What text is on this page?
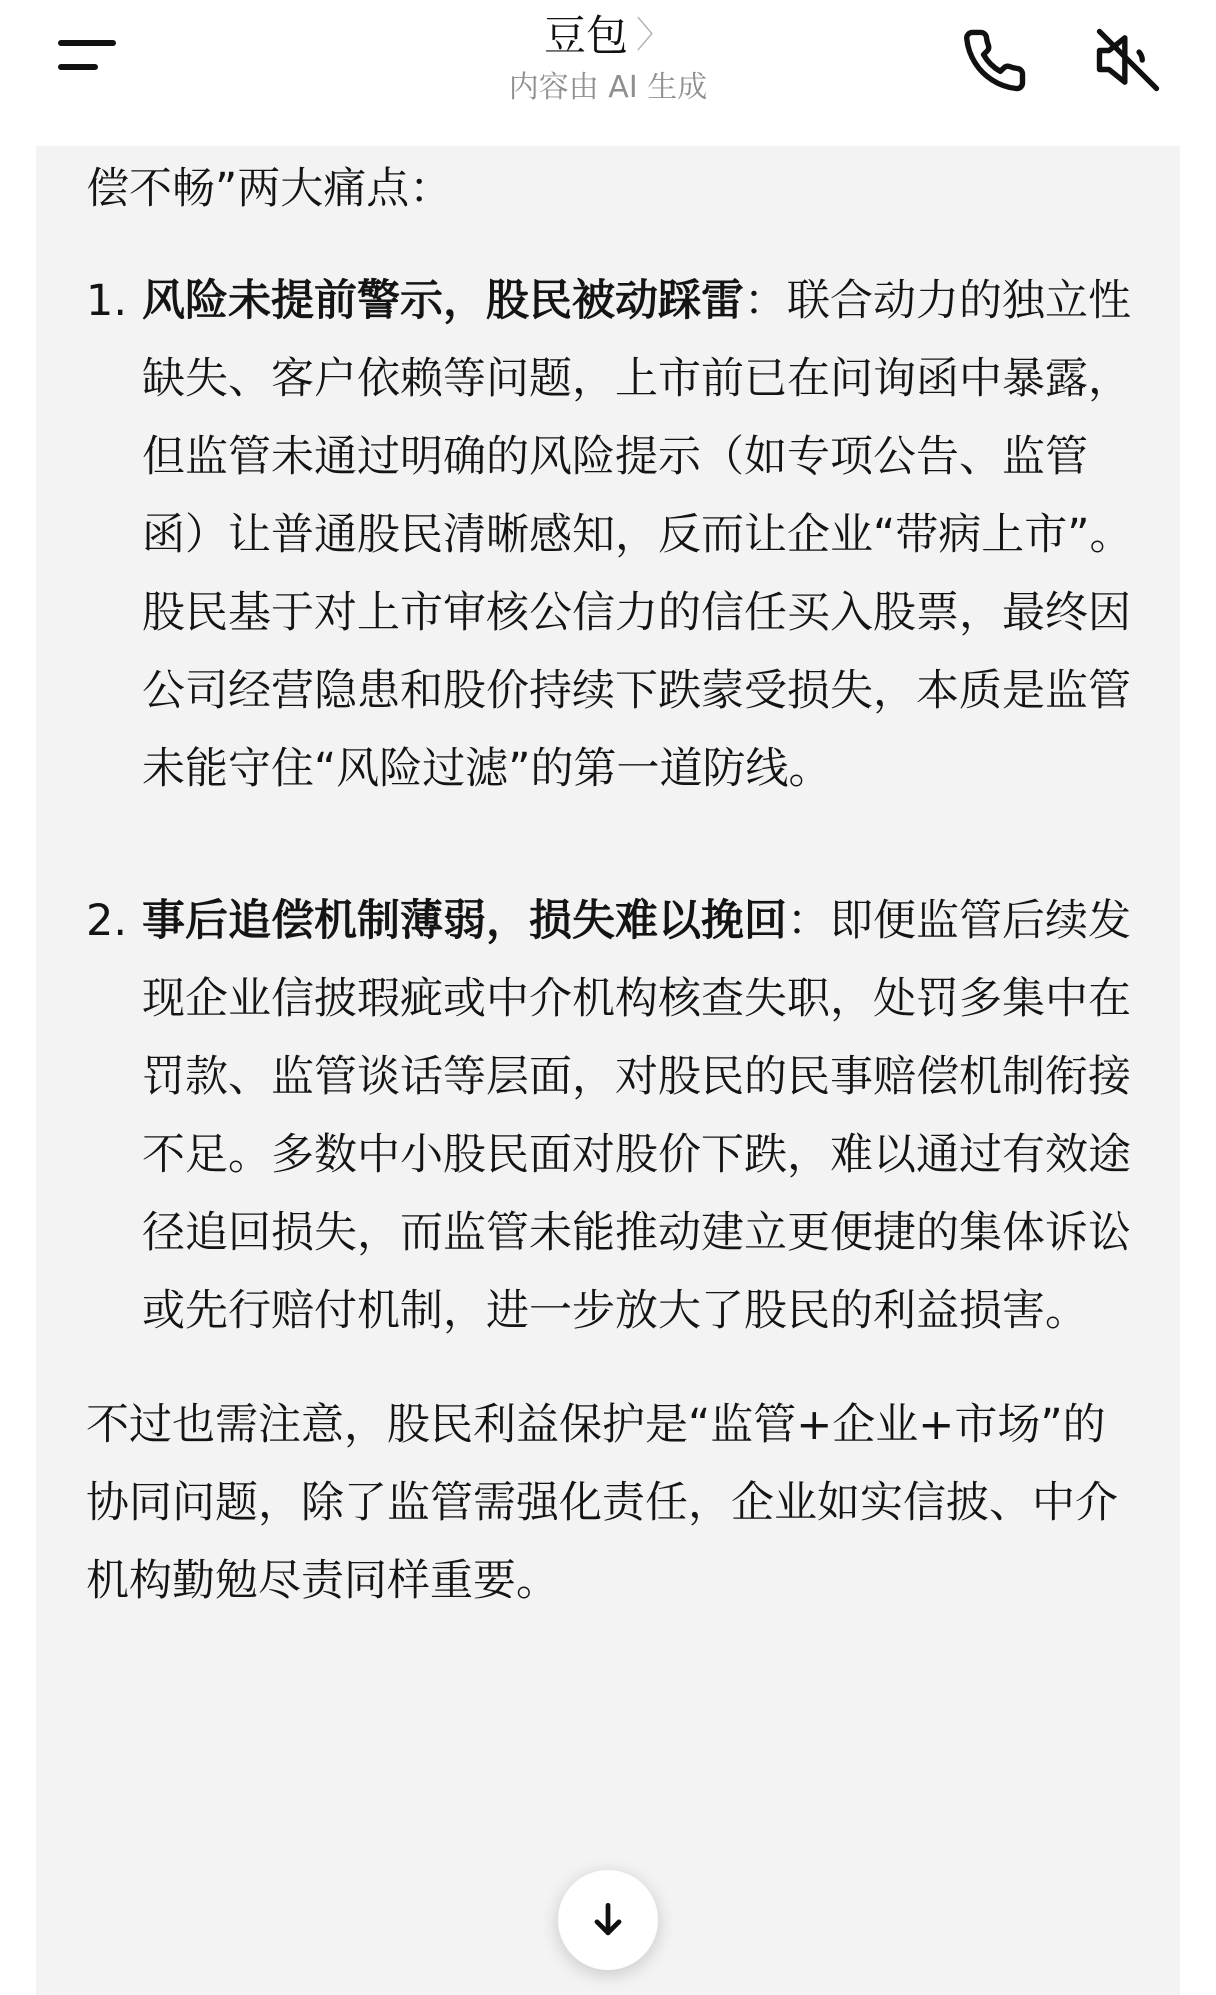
豆包 〉
内容由 AI 生成

偿不畅”两大痛点：

1. 风险未提前警示，股民被动踩雷：联合动力的独立性缺失、客户依赖等问题，上市前已在问询函中暴露，但监管未通过明确的风险提示（如专项公告、监管函）让普通股民清晰感知，反而让企业“带病上市”。股民基于对上市审核公信力的信任买入股票，最终因公司经营隐患和股价持续下跌蒙受损失，本质是监管未能守住“风险过滤”的第一道防线。
2. 事后追偿机制薄弱，损失难以挽回：即便监管后续发现企业信披瑕疵或中介机构核查失职，处罚多集中在罚款、监管谈话等层面，对股民的民事赔偿机制衔接不足。多数中小股民面对股价下跌，难以通过有效途径追回损失，而监管未能推动建立更便捷的集体诉讼或先行赔付机制，进一步放大了股民的利益损害。

不过也需注意，股民利益保护是“监管+企业+市场”的协同问题，除了监管需强化责任，企业如实信披、中介机构勤勉尽责同样重要。
